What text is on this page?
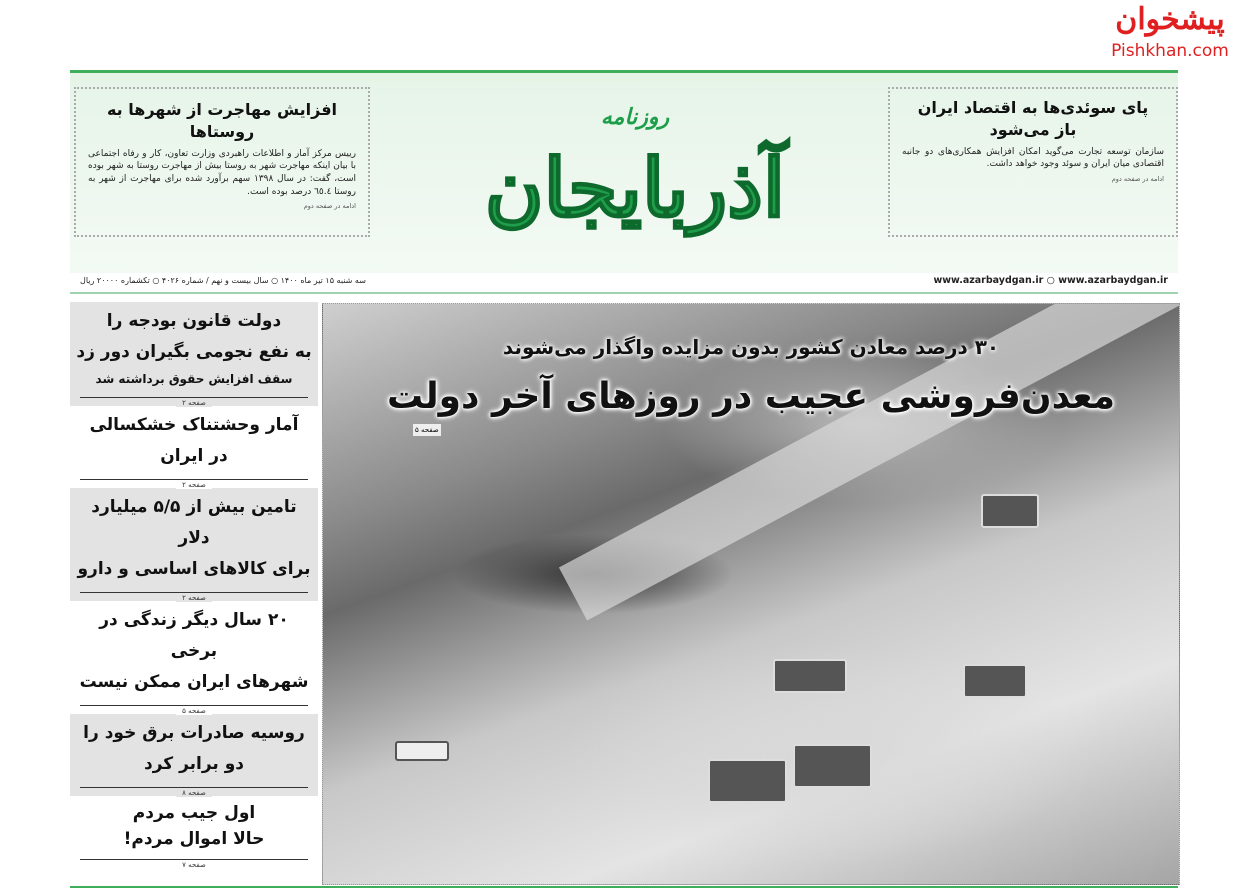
پیشخوان
Pishkhan.com
افزایش مهاجرت از شهرها به روستاها

رییس مرکز آمار و اطلاعات راهبردی وزارت تعاون، کار و رفاه اجتماعی با بیان اینکه مهاجرت شهر به روستا بیش از مهاجرت روستا به شهر بوده است، گفت: در سال ۱۳۹۸ سهم برآورد شده برای مهاجرت از شهر به روستا ٦٥.٤ درصد بوده است.

ادامه در صفحه دوم
روزنامه
آذربایجان
پای سوئدی‌ها به اقتصاد ایران
باز می‌شود

سازمان توسعه تجارت می‌گوید امکان افزایش همکاری‌های دو جانبه اقتصادی میان ایران و سوئد وجود خواهد داشت.

ادامه در صفحه دوم
سه شنبه ۱۵ تیر ماه ۱۴۰۰ ○ سال بیست و نهم / شماره ۴۰۲۶ ○ تکشماره ۲۰۰۰۰ ریال	www.azarbaydgan.ir ○ www.azarbaydgan.ir
دولت قانون بودجه را
به نفع نجومی بگیران دور زد
سقف افزایش حقوق برداشته شد
صفحه ۲
آمار وحشتناک خشکسالی
در ایران
صفحه ۲
تامین بیش از ۵/۵ میلیارد دلار
برای کالاهای اساسی و دارو
صفحه ۲
۲۰ سال دیگر زندگی در برخی
شهرهای ایران ممکن نیست
صفحه ۵
روسیه صادرات برق خود را
دو برابر کرد
صفحه ۸
اول جیب مردم
حالا اموال مردم!
صفحه ۷
۳۰ درصد معادن کشور بدون مزایده واگذار می‌شوند
معدن‌فروشی عجیب در روزهای آخر دولت
صفحه ۵
